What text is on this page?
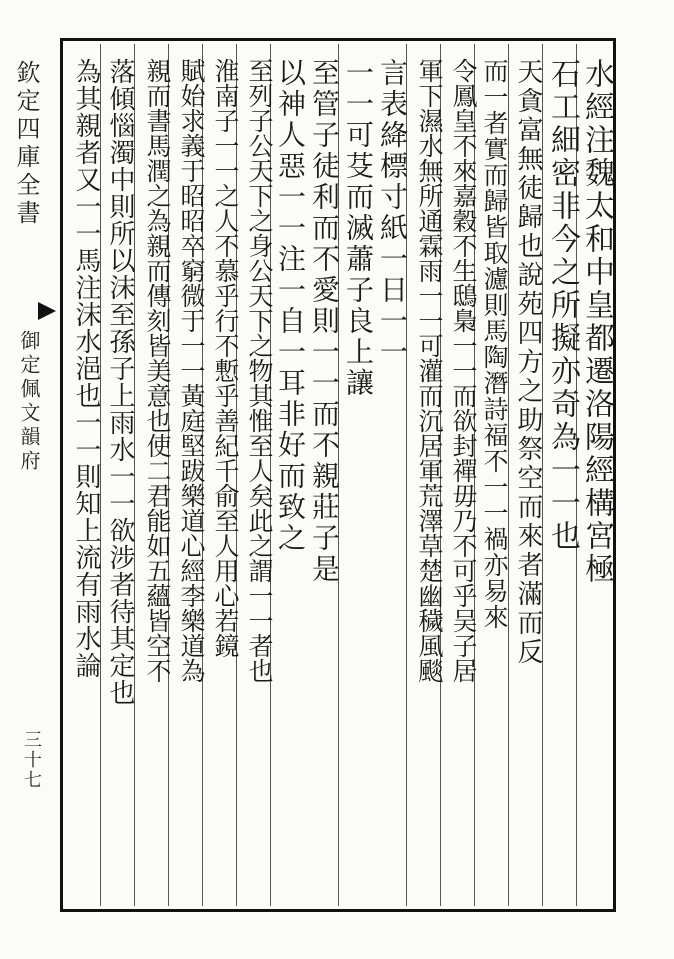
欽定四庫全書
御定佩文韻府
三十七
水經注魏太和中皇都遷洛陽經構宮極
石工細密非今之所擬亦奇為一一也
天貪富無徒歸也說苑四方之助祭空而來者滿而反
而一者實而歸皆取濾則馬陶潛詩福不一一禍亦易來
令鳳皇不來嘉穀不生鴟梟一一而欲封禪毋乃不可乎吴子居
軍下濕水無所通霖雨一一可灌而沉居軍荒澤草楚幽穢風颷
言表絳標寸紙一日一一
一一可芟而滅蕭子良上讓
至管子徒利而不愛則一一而不親莊子是
以神人惡一一注一自一耳非好而致之
至列子公天下之身公天下之物其惟至人矣此之謂一一者也
淮南子一一之人不慕乎行不慙乎善紀千俞至人用心若鏡
賦始求義于昭昭卒窮微于一一黃庭堅跋樂道心經李樂道為
親而書馬潤之為親而傳刻皆美意也使二君能如五蘊皆空不
落傾惱濁中則所以沫至孫子上雨水一一欲涉者待其定也
為其親者又一一馬注沫水浥也一一則知上流有雨水論
